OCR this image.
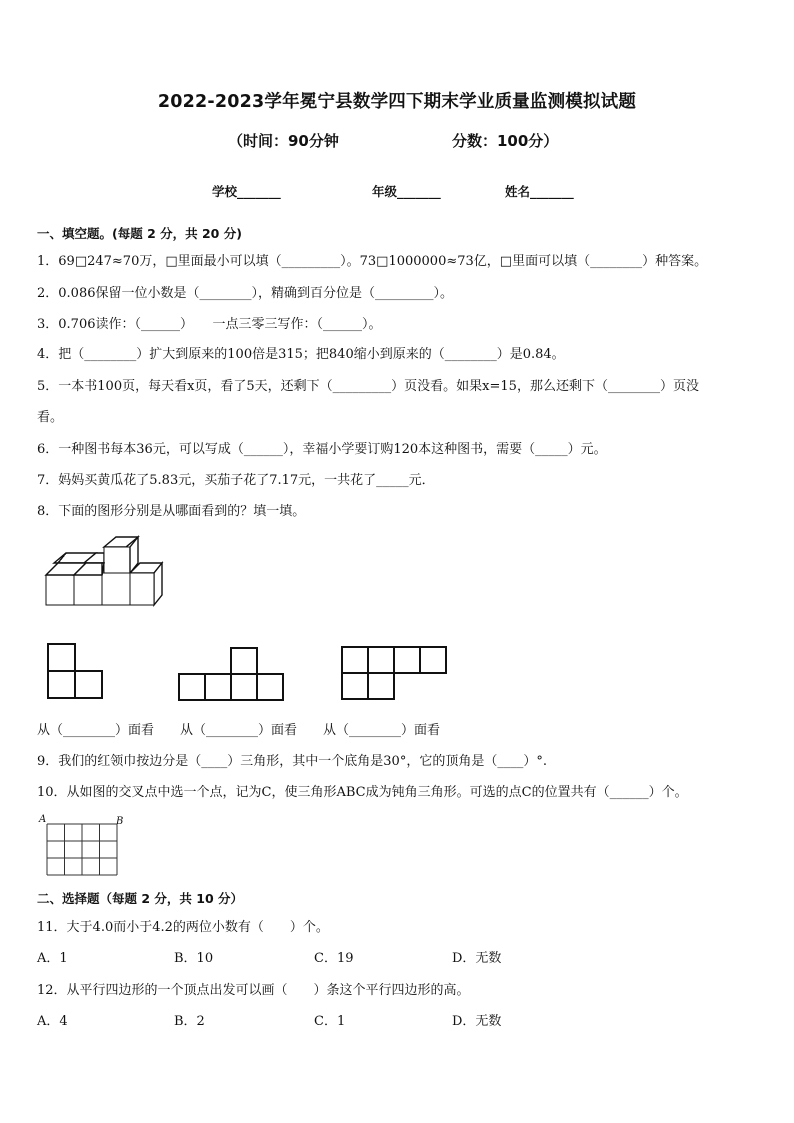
2022-2023学年冕宁县数学四下期末学业质量监测模拟试题
（时间：90分钟	分数：100分）
学校_______	年级_______	姓名_______
一、填空题。(每题 2 分，共 20 分)
1．69□247≈70万，□里面最小可以填（_________）。73□1000000≈73亿，□里面可以填（________）种答案。
2．0.086保留一位小数是（________），精确到百分位是（_________）。
3．0.706读作：（______）　　一点三零三写作：（______）。
4．把（________）扩大到原来的100倍是315；把840缩小到原来的（________）是0.84。
5．一本书100页，每天看x页，看了5天，还剩下（_________）页没看。如果x=15，那么还剩下（________）页没
看。
6．一种图书每本36元，可以写成（______），幸福小学要订购120本这种图书，需要（_____）元。
7．妈妈买黄瓜花了5.83元，买茄子花了7.17元，一共花了_____元．
8．下面的图形分别是从哪面看到的？填一填。
从（________）面看　　从（________）面看　　从（________）面看
9．我们的红领巾按边分是（____）三角形，其中一个底角是30°，它的顶角是（____）°.
10．从如图的交叉点中选一个点，记为C，使三角形ABC成为钝角三角形。可选的点C的位置共有（______）个。
A	B
二、选择题（每题 2 分，共 10 分）
11．大于4.0而小于4.2的两位小数有（　　）个。
A．1	B．10	C．19	D．无数
12．从平行四边形的一个顶点出发可以画（　　）条这个平行四边形的高。
A．4	B．2	C．1	D．无数
